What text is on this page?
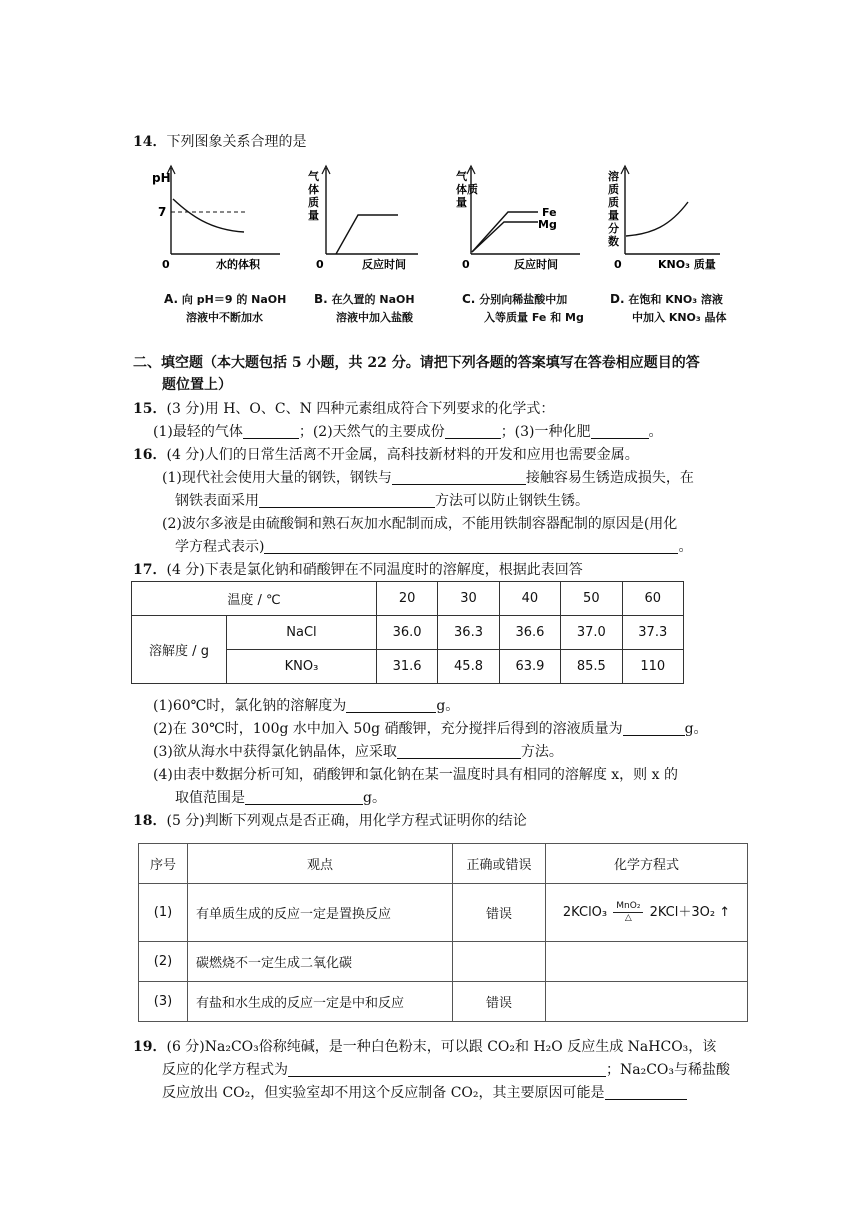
14．下列图象关系合理的是
pH
7
0	水的体积
气体质量
0	反应时间
Fe
Mg
气体质量
0	反应时间
溶质质量分数
0	KNO₃ 质量
A. 向 pH＝9 的 NaOH
溶液中不断加水
B. 在久置的 NaOH
溶液中加入盐酸
C. 分别向稀盐酸中加
入等质量 Fe 和 Mg
D. 在饱和 KNO₃ 溶液
中加入 KNO₃ 晶体
二、填空题（本大题包括 5 小题，共 22 分。请把下列各题的答案填写在答卷相应题目的答
题位置上）
15．(3 分)用 H、O、C、N 四种元素组成符合下列要求的化学式：
(1)最轻的气体	；(2)天然气的主要成份	；(3)一种化肥	。
16．(4 分)人们的日常生活离不开金属，高科技新材料的开发和应用也需要金属。
(1)现代社会使用大量的钢铁，钢铁与	接触容易生锈造成损失，在
钢铁表面采用	方法可以防止钢铁生锈。
(2)波尔多液是由硫酸铜和熟石灰加水配制而成，不能用铁制容器配制的原因是(用化
学方程式表示)	。
17．(4 分)下表是氯化钠和硝酸钾在不同温度时的溶解度，根据此表回答
温度 / ℃		20	30	40	50	60
溶解度 / g	NaCl	36.0	36.3	36.6	37.0	37.3
	KNO₃	31.6	45.8	63.9	85.5	110
(1)60℃时，氯化钠的溶解度为	g。
(2)在 30℃时，100g 水中加入 50g 硝酸钾，充分搅拌后得到的溶液质量为	g。
(3)欲从海水中获得氯化钠晶体，应采取	方法。
(4)由表中数据分析可知，硝酸钾和氯化钠在某一温度时具有相同的溶解度 x，则 x 的
取值范围是	g。
18．(5 分)判断下列观点是否正确，用化学方程式证明你的结论
序号	观点	正确或错误	化学方程式
(1)	有单质生成的反应一定是置换反应	错误	2KClO₃ MnO₂
△ 2KCl＋3O₂ ↑
(2)	碳燃烧不一定生成二氧化碳		
(3)	有盐和水生成的反应一定是中和反应	错误	
19．(6 分)Na₂CO₃俗称纯碱，是一种白色粉末，可以跟 CO₂和 H₂O 反应生成 NaHCO₃，该
反应的化学方程式为	；Na₂CO₃与稀盐酸
反应放出 CO₂，但实验室却不用这个反应制备 CO₂，其主要原因可能是
